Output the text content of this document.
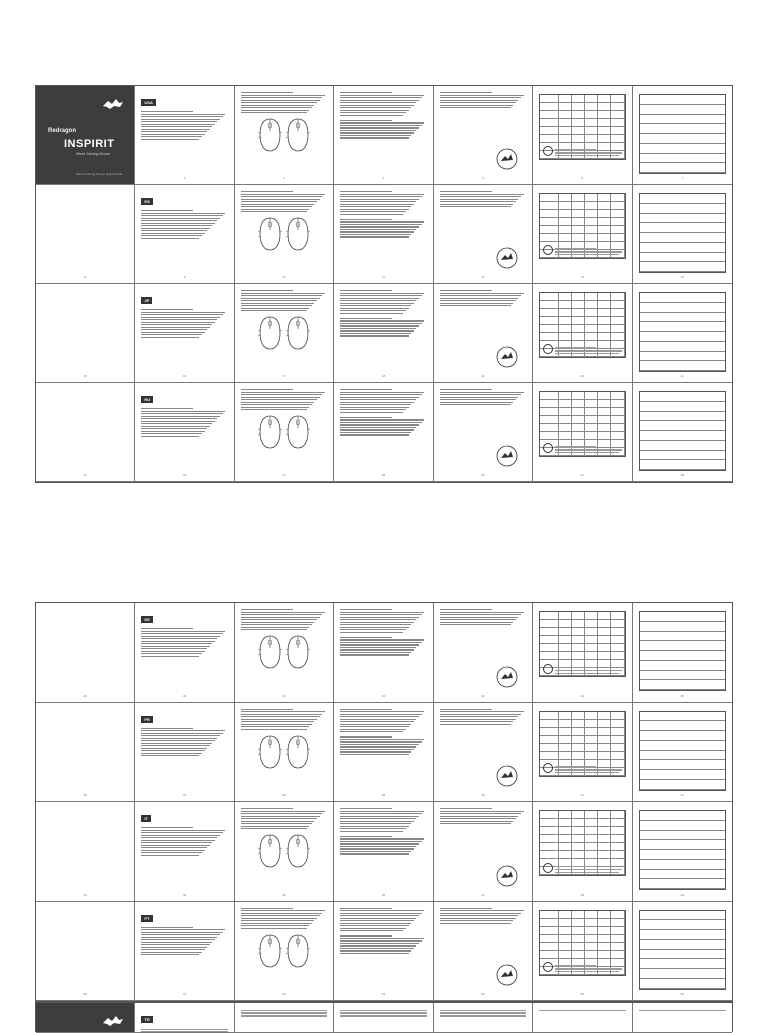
Redragon
INSPIRIT
Wired Gaming Mouse
Wired Gaming Mouse Quick Guide
1
USA
2	3	4	5	6	7
8
ES
9	10	11	12	13	14
15
JP
16	17	18	19	20	21
22
RU
23	24	25	26	27	28
29
DE
30	31	32	33	34	35
36
FR
37	38	39	40	41	42
43
IT
44	45	46	47	48	49
50
PT
51	52	53	54	55	56
TR
